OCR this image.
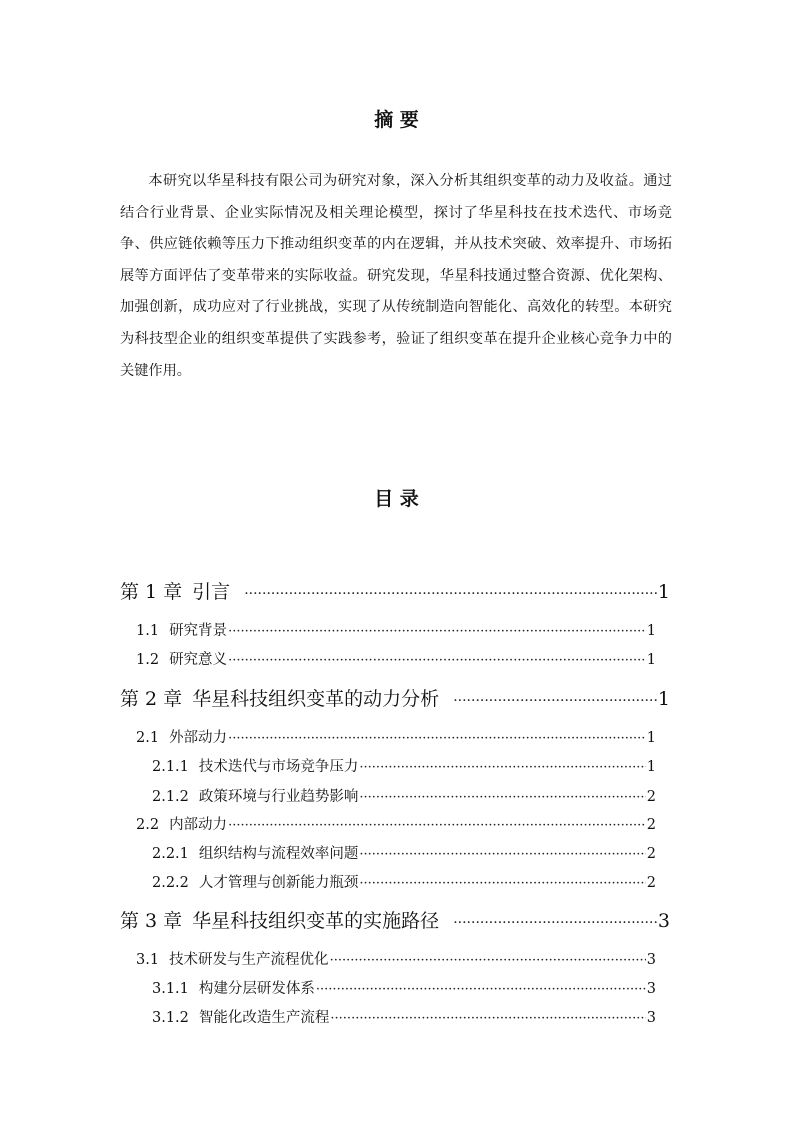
摘 要

本研究以华星科技有限公司为研究对象，深入分析其组织变革的动力及收益。通过结合行业背景、企业实际情况及相关理论模型，探讨了华星科技在技术迭代、市场竞争、供应链依赖等压力下推动组织变革的内在逻辑，并从技术突破、效率提升、市场拓展等方面评估了变革带来的实际收益。研究发现，华星科技通过整合资源、优化架构、加强创新，成功应对了行业挑战，实现了从传统制造向智能化、高效化的转型。本研究为科技型企业的组织变革提供了实践参考，验证了组织变革在提升企业核心竞争力中的关键作用。

目 录
第 1 章 引言 ·····	1
1.1 研究背景 ·····	1
1.2 研究意义 ·····	1
第 2 章 华星科技组织变革的动力分析 ·····	1
2.1 外部动力 ·····	1
2.1.1 技术迭代与市场竞争压力 ·····	1
2.1.2 政策环境与行业趋势影响 ·····	2
2.2 内部动力 ·····	2
2.2.1 组织结构与流程效率问题 ·····	2
2.2.2 人才管理与创新能力瓶颈 ·····	2
第 3 章 华星科技组织变革的实施路径 ·····	3
3.1 技术研发与生产流程优化 ·····	3
3.1.1 构建分层研发体系 ·····	3
3.1.2 智能化改造生产流程 ·····	3
